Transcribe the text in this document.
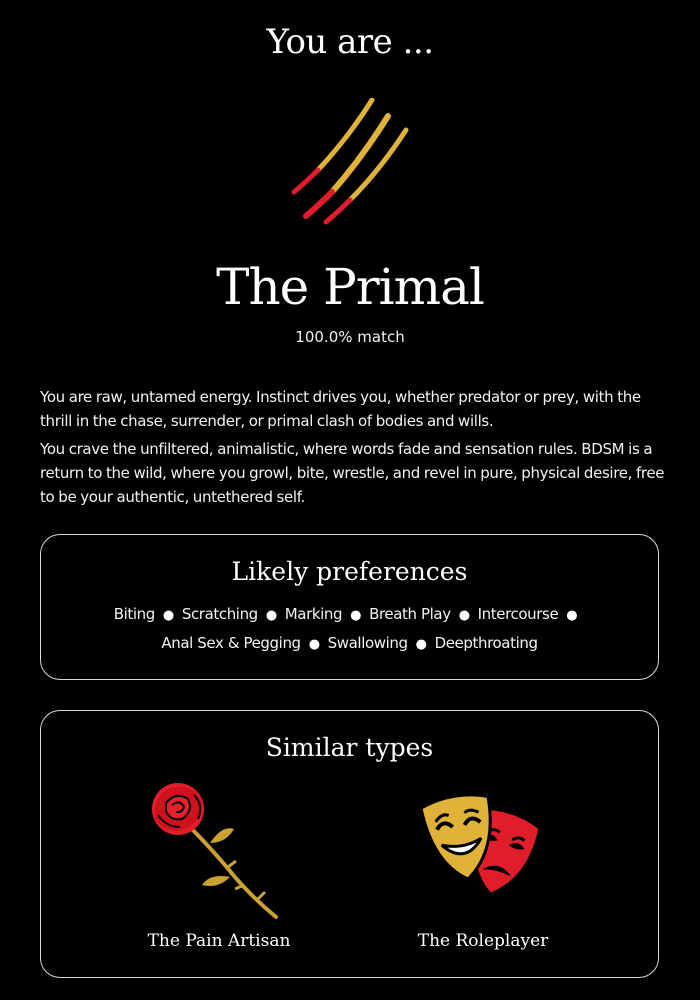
You are ...
The Primal
100.0% match
You are raw, untamed energy. Instinct drives you, whether predator or prey, with the thrill in the chase, surrender, or primal clash of bodies and wills.
You crave the unfiltered, animalistic, where words fade and sensation rules. BDSM is a return to the wild, where you growl, bite, wrestle, and revel in pure, physical desire, free to be your authentic, untethered self.
Likely preferences
Biting ● Scratching ● Marking ● Breath Play ● Intercourse ●
Anal Sex & Pegging ● Swallowing ● Deepthroating
Similar types
The Pain Artisan	The Roleplayer
